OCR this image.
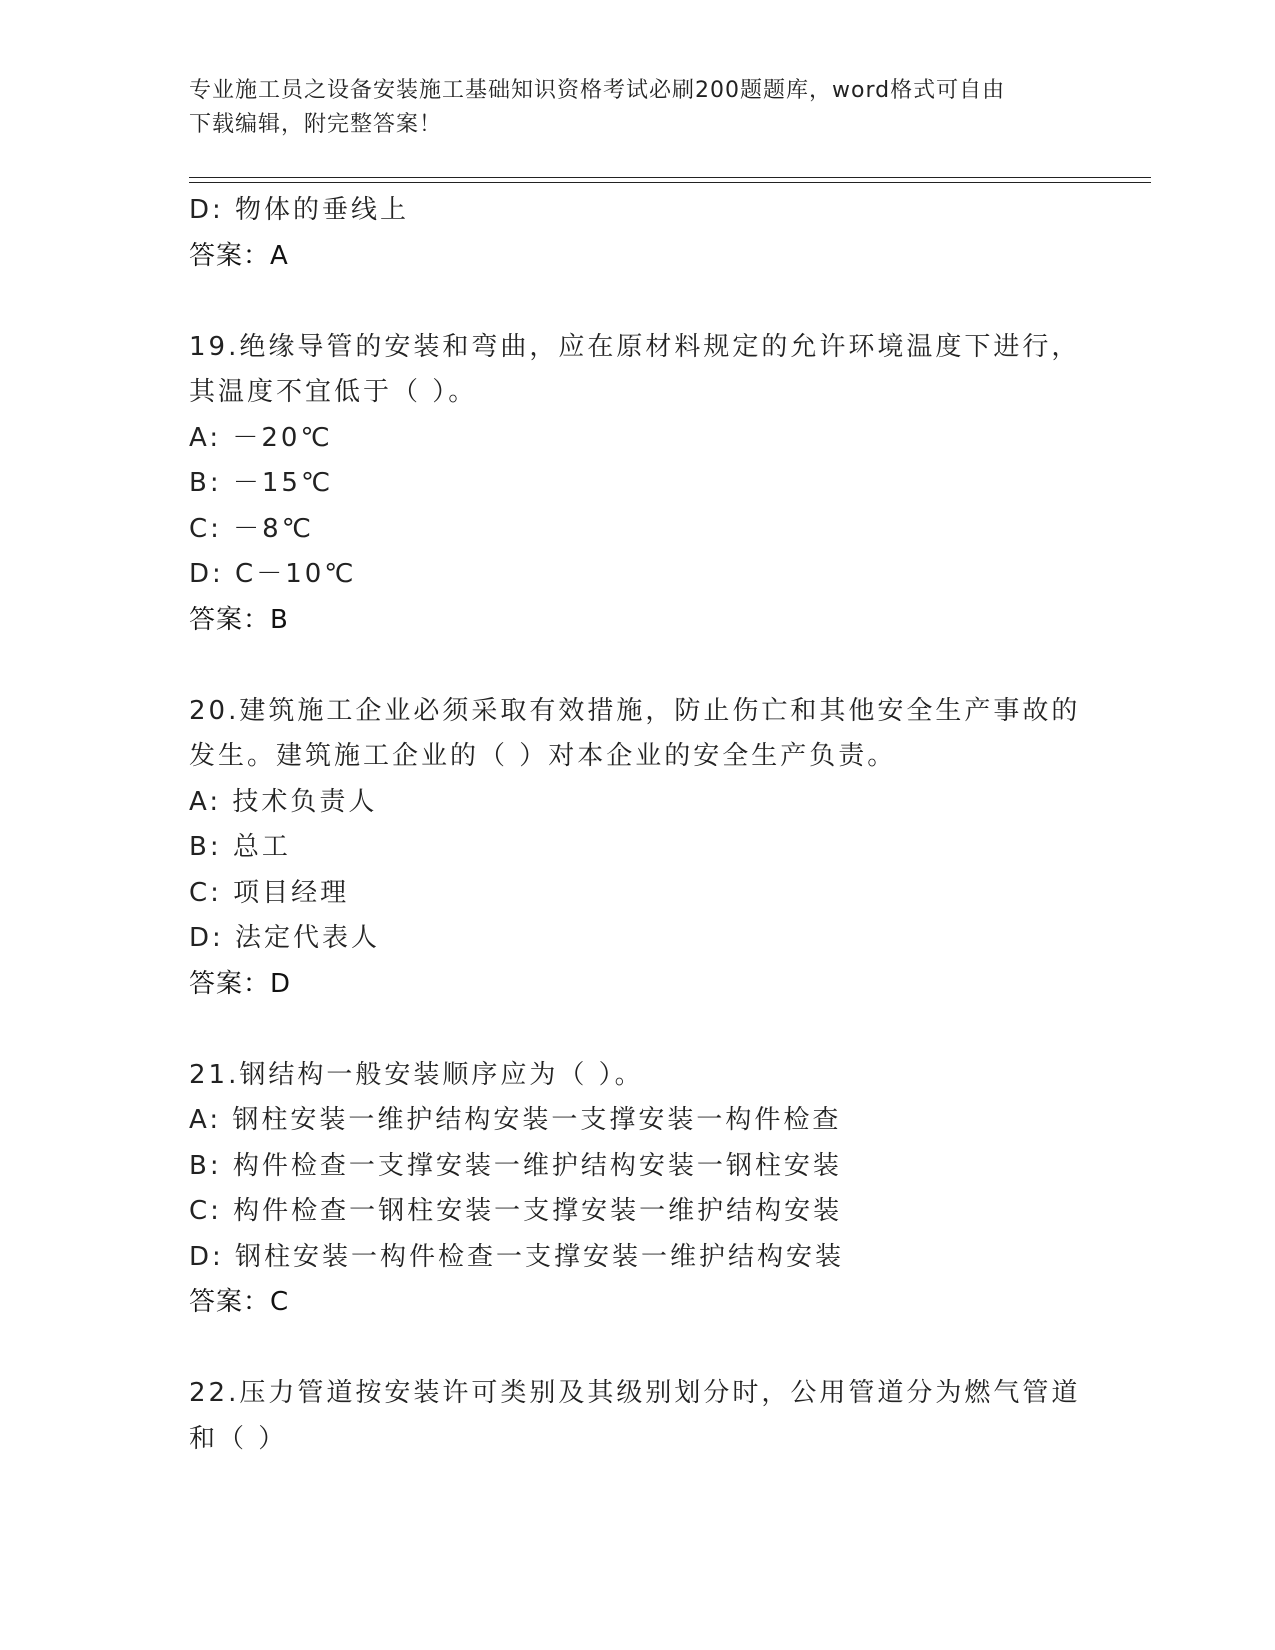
专业施工员之设备安装施工基础知识资格考试必刷200题题库，word格式可自由
下载编辑，附完整答案！
D: 物体的垂线上
答案：A
19.绝缘导管的安装和弯曲，应在原材料规定的允许环境温度下进行，
其温度不宜低于（ ）。
A: －20℃
B: －15℃
C: －8℃
D: C－10℃
答案：B
20.建筑施工企业必须采取有效措施，防止伤亡和其他安全生产事故的
发生。建筑施工企业的（ ）对本企业的安全生产负责。
A: 技术负责人
B: 总工
C: 项目经理
D: 法定代表人
答案：D
21.钢结构一般安装顺序应为（ ）。
A: 钢柱安装一维护结构安装一支撑安装一构件检查
B: 构件检查一支撑安装一维护结构安装一钢柱安装
C: 构件检查一钢柱安装一支撑安装一维护结构安装
D: 钢柱安装一构件检查一支撑安装一维护结构安装
答案：C
22.压力管道按安装许可类别及其级别划分时，公用管道分为燃气管道
和（ ）
